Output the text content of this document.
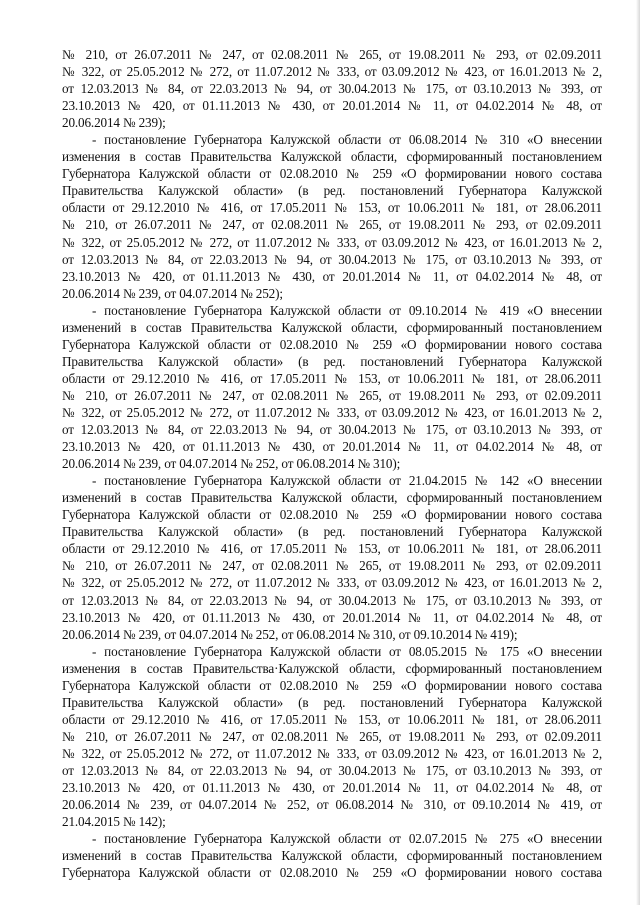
№ 210, от 26.07.2011 № 247, от 02.08.2011 № 265, от 19.08.2011 № 293, от 02.09.2011
№ 322, от 25.05.2012 № 272, от 11.07.2012 № 333, от 03.09.2012 № 423, от 16.01.2013 № 2,
от 12.03.2013 № 84, от 22.03.2013 № 94, от 30.04.2013 № 175, от 03.10.2013 № 393, от
23.10.2013 № 420, от 01.11.2013 № 430, от 20.01.2014 № 11, от 04.02.2014 № 48, от
20.06.2014 № 239);
- постановление Губернатора Калужской области от 06.08.2014 № 310 «О внесении
изменения в состав Правительства Калужской области, сформированный постановлением
Губернатора Калужской области от 02.08.2010 № 259 «О формировании нового состава
Правительства Калужской области» (в ред. постановлений Губернатора Калужской
области от 29.12.2010 № 416, от 17.05.2011 № 153, от 10.06.2011 № 181, от 28.06.2011
№ 210, от 26.07.2011 № 247, от 02.08.2011 № 265, от 19.08.2011 № 293, от 02.09.2011
№ 322, от 25.05.2012 № 272, от 11.07.2012 № 333, от 03.09.2012 № 423, от 16.01.2013 № 2,
от 12.03.2013 № 84, от 22.03.2013 № 94, от 30.04.2013 № 175, от 03.10.2013 № 393, от
23.10.2013 № 420, от 01.11.2013 № 430, от 20.01.2014 № 11, от 04.02.2014 № 48, от
20.06.2014 № 239, от 04.07.2014 № 252);
- постановление Губернатора Калужской области от 09.10.2014 № 419 «О внесении
изменений в состав Правительства Калужской области, сформированный постановлением
Губернатора Калужской области от 02.08.2010 № 259 «О формировании нового состава
Правительства Калужской области» (в ред. постановлений Губернатора Калужской
области от 29.12.2010 № 416, от 17.05.2011 № 153, от 10.06.2011 № 181, от 28.06.2011
№ 210, от 26.07.2011 № 247, от 02.08.2011 № 265, от 19.08.2011 № 293, от 02.09.2011
№ 322, от 25.05.2012 № 272, от 11.07.2012 № 333, от 03.09.2012 № 423, от 16.01.2013 № 2,
от 12.03.2013 № 84, от 22.03.2013 № 94, от 30.04.2013 № 175, от 03.10.2013 № 393, от
23.10.2013 № 420, от 01.11.2013 № 430, от 20.01.2014 № 11, от 04.02.2014 № 48, от
20.06.2014 № 239, от 04.07.2014 № 252, от 06.08.2014 № 310);
- постановление Губернатора Калужской области от 21.04.2015 № 142 «О внесении
изменений в состав Правительства Калужской области, сформированный постановлением
Губернатора Калужской области от 02.08.2010 № 259 «О формировании нового состава
Правительства Калужской области» (в ред. постановлений Губернатора Калужской
области от 29.12.2010 № 416, от 17.05.2011 № 153, от 10.06.2011 № 181, от 28.06.2011
№ 210, от 26.07.2011 № 247, от 02.08.2011 № 265, от 19.08.2011 № 293, от 02.09.2011
№ 322, от 25.05.2012 № 272, от 11.07.2012 № 333, от 03.09.2012 № 423, от 16.01.2013 № 2,
от 12.03.2013 № 84, от 22.03.2013 № 94, от 30.04.2013 № 175, от 03.10.2013 № 393, от
23.10.2013 № 420, от 01.11.2013 № 430, от 20.01.2014 № 11, от 04.02.2014 № 48, от
20.06.2014 № 239, от 04.07.2014 № 252, от 06.08.2014 № 310, от 09.10.2014 № 419);
- постановление Губернатора Калужской области от 08.05.2015 № 175 «О внесении
изменения в состав Правительства·Калужской области, сформированный постановлением
Губернатора Калужской области от 02.08.2010 № 259 «О формировании нового состава
Правительства Калужской области» (в ред. постановлений Губернатора Калужской
области от 29.12.2010 № 416, от 17.05.2011 № 153, от 10.06.2011 № 181, от 28.06.2011
№ 210, от 26.07.2011 № 247, от 02.08.2011 № 265, от 19.08.2011 № 293, от 02.09.2011
№ 322, от 25.05.2012 № 272, от 11.07.2012 № 333, от 03.09.2012 № 423, от 16.01.2013 № 2,
от 12.03.2013 № 84, от 22.03.2013 № 94, от 30.04.2013 № 175, от 03.10.2013 № 393, от
23.10.2013 № 420, от 01.11.2013 № 430, от 20.01.2014 № 11, от 04.02.2014 № 48, от
20.06.2014 № 239, от 04.07.2014 № 252, от 06.08.2014 № 310, от 09.10.2014 № 419, от
21.04.2015 № 142);
- постановление Губернатора Калужской области от 02.07.2015 № 275 «О внесении
изменений в состав Правительства Калужской области, сформированный постановлением
Губернатора Калужской области от 02.08.2010 № 259 «О формировании нового состава
